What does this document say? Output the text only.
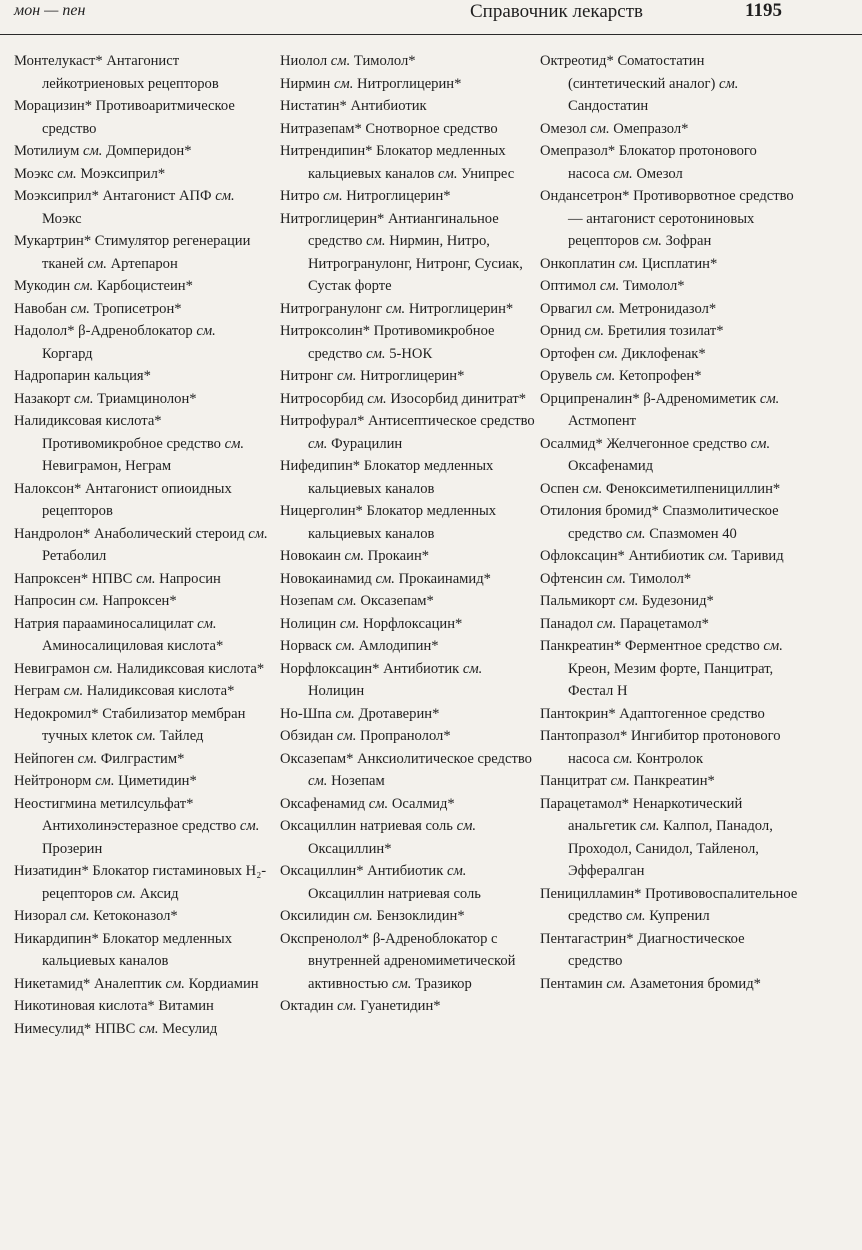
мон — пен	Справочник лекарств	1195
Монтелукаст* Антагонист лейкотриеновых рецепторов
Морацизин* Противоаритмическое средство
Мотилиум см. Домперидон*
Моэкс см. Моэксиприл*
Моэксиприл* Антагонист АПФ см. Моэкс
Мукартрин* Стимулятор регенерации тканей см. Артепарон
Мукодин см. Карбоцистеин*
Навобан см. Трописетрон*
Надолол* β-Адреноблокатор см. Коргард
Надропарин кальция*
Назакорт см. Триамцинолон*
Налидиксовая кислота* Противомикробное средство см. Невиграмон, Неграм
Налоксон* Антагонист опиоидных рецепторов
Нандролон* Анаболический стероид см. Ретаболил
Напроксен* НПВС см. Напросин
Напросин см. Напроксен*
Натрия парааминосалицилат см. Аминосалициловая кислота*
Невиграмон см. Налидиксовая кислота*
Неграм см. Налидиксовая кислота*
Недокромил* Стабилизатор мембран тучных клеток см. Тайлед
Нейпоген см. Филграстим*
Нейтронорм см. Циметидин*
Неостигмина метилсульфат* Антихолинэстеразное средство см. Прозерин
Низатидин* Блокатор гистаминовых H₂-рецепторов см. Аксид
Низорал см. Кетоконазол*
Никардипин* Блокатор медленных кальциевых каналов
Никетамид* Аналептик см. Кордиамин
Никотиновая кислота* Витамин
Нимесулид* НПВС см. Месулид
Ниолол см. Тимолол*
Нирмин см. Нитроглицерин*
Нистатин* Антибиотик
Нитразепам* Снотворное средство
Нитрендипин* Блокатор медленных кальциевых каналов см. Унипрес
Нитро см. Нитроглицерин*
Нитроглицерин* Антиангинальное средство см. Нирмин, Нитро, Нитрогранулонг, Нитронг, Сусиак, Сустак форте
Нитрогранулонг см. Нитроглицерин*
Нитроксолин* Противомикробное средство см. 5-НОК
Нитронг см. Нитроглицерин*
Нитросорбид см. Изосорбид динитрат*
Нитрофурал* Антисептическое средство см. Фурацилин
Нифедипин* Блокатор медленных кальциевых каналов
Ницерголин* Блокатор медленных кальциевых каналов
Новокаин см. Прокаин*
Новокаинамид см. Прокаинамид*
Нозепам см. Оксазепам*
Нолицин см. Норфлоксацин*
Норваск см. Амлодипин*
Норфлоксацин* Антибиотик см. Нолицин
Но-Шпа см. Дротаверин*
Обзидан см. Пропранолол*
Оксазепам* Анксиолитическое средство см. Нозепам
Оксафенамид см. Осалмид*
Оксациллин натриевая соль см. Оксациллин*
Оксациллин* Антибиотик см. Оксациллин натриевая соль
Оксилидин см. Бензоклидин*
Окспренолол* β-Адреноблокатор с внутренней адреномиметической активностью см. Тразикор
Октадин см. Гуанетидин*
Октреотид* Соматостатин (синтетический аналог) см. Сандостатин
Омезол см. Омепразол*
Омепразол* Блокатор протонового насоса см. Омезол
Ондансетрон* Противорвотное средство — антагонист серотониновых рецепторов см. Зофран
Онкоплатин см. Цисплатин*
Оптимол см. Тимолол*
Орвагил см. Метронидазол*
Орнид см. Бретилия тозилат*
Ортофен см. Диклофенак*
Орувель см. Кетопрофен*
Орципреналин* β-Адреномиметик см. Астмопент
Осалмид* Желчегонное средство см. Оксафенамид
Оспен см. Феноксиметилпенициллин*
Отилония бромид* Спазмолитическое средство см. Спазмомен 40
Офлоксацин* Антибиотик см. Таривид
Офтенсин см. Тимолол*
Пальмикорт см. Будезонид*
Панадол см. Парацетамол*
Панкреатин* Ферментное средство см. Креон, Мезим форте, Панцитрат, Фестал Н
Пантокрин* Адаптогенное средство
Пантопразол* Ингибитор протонового насоса см. Контролок
Панцитрат см. Панкреатин*
Парацетамол* Ненаркотический анальгетик см. Калпол, Панадол, Проходол, Санидол, Тайленол, Эффералган
Пеницилламин* Противовоспалительное средство см. Купренил
Пентагастрин* Диагностическое средство
Пентамин см. Азаметония бромид*
